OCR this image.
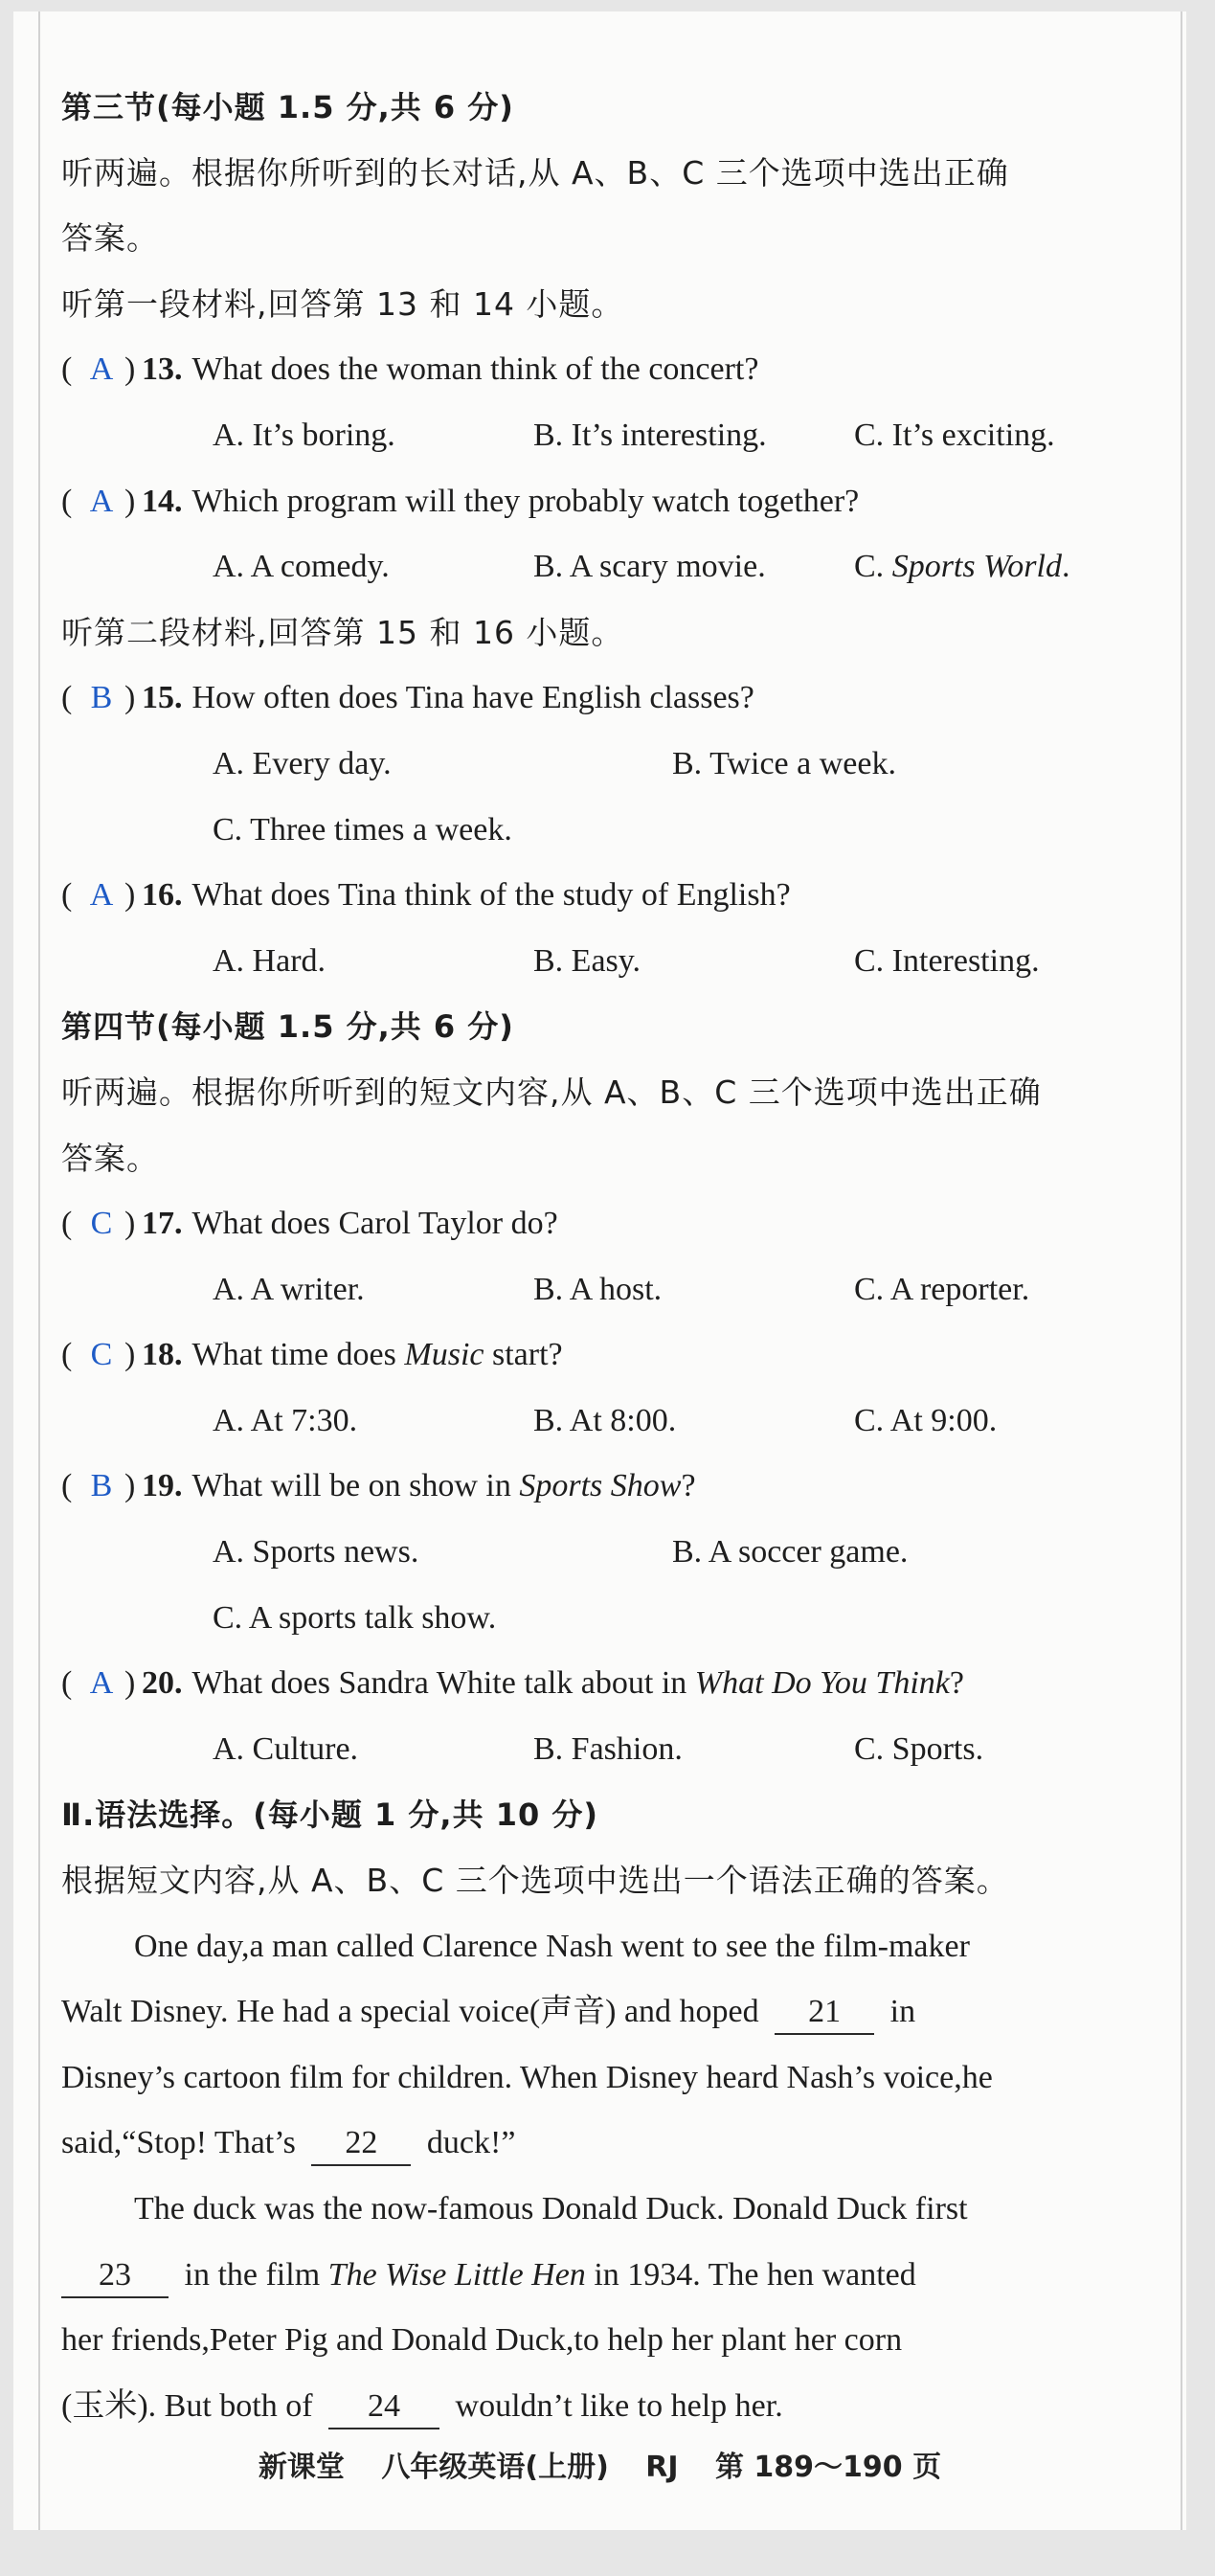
第三节(每小题 1.5 分,共 6 分)
听两遍。根据你所听到的长对话,从 A、B、C 三个选项中选出正确
答案。
听第一段材料,回答第 13 和 14 小题。
( A ) 13. What does the woman think of the concert?
A. It’s boring.	B. It’s interesting.	C. It’s exciting.
( A ) 14. Which program will they probably watch together?
A. A comedy.	B. A scary movie.	C. Sports World.
听第二段材料,回答第 15 和 16 小题。
( B ) 15. How often does Tina have English classes?
A. Every day.	B. Twice a week.
C. Three times a week.
( A ) 16. What does Tina think of the study of English?
A. Hard.	B. Easy.	C. Interesting.
第四节(每小题 1.5 分,共 6 分)
听两遍。根据你所听到的短文内容,从 A、B、C 三个选项中选出正确
答案。
( C ) 17. What does Carol Taylor do?
A. A writer.	B. A host.	C. A reporter.
( C ) 18. What time does Music start?
A. At 7:30.	B. At 8:00.	C. At 9:00.
( B ) 19. What will be on show in Sports Show?
A. Sports news.	B. A soccer game.
C. A sports talk show.
( A ) 20. What does Sandra White talk about in What Do You Think?
A. Culture.	B. Fashion.	C. Sports.
Ⅱ.语法选择。(每小题 1 分,共 10 分)
根据短文内容,从 A、B、C 三个选项中选出一个语法正确的答案。
One day,a man called Clarence Nash went to see the film-maker
Walt Disney. He had a special voice(声音) and hoped 21 in
Disney’s cartoon film for children. When Disney heard Nash’s voice,he
said,“Stop! That’s 22 duck!”
The duck was the now-famous Donald Duck. Donald Duck first
23 in the film The Wise Little Hen in 1934. The hen wanted
her friends,Peter Pig and Donald Duck,to help her plant her corn
(玉米). But both of 24 wouldn’t like to help her.
新课堂 八年级英语(上册) RJ 第 189～190 页
